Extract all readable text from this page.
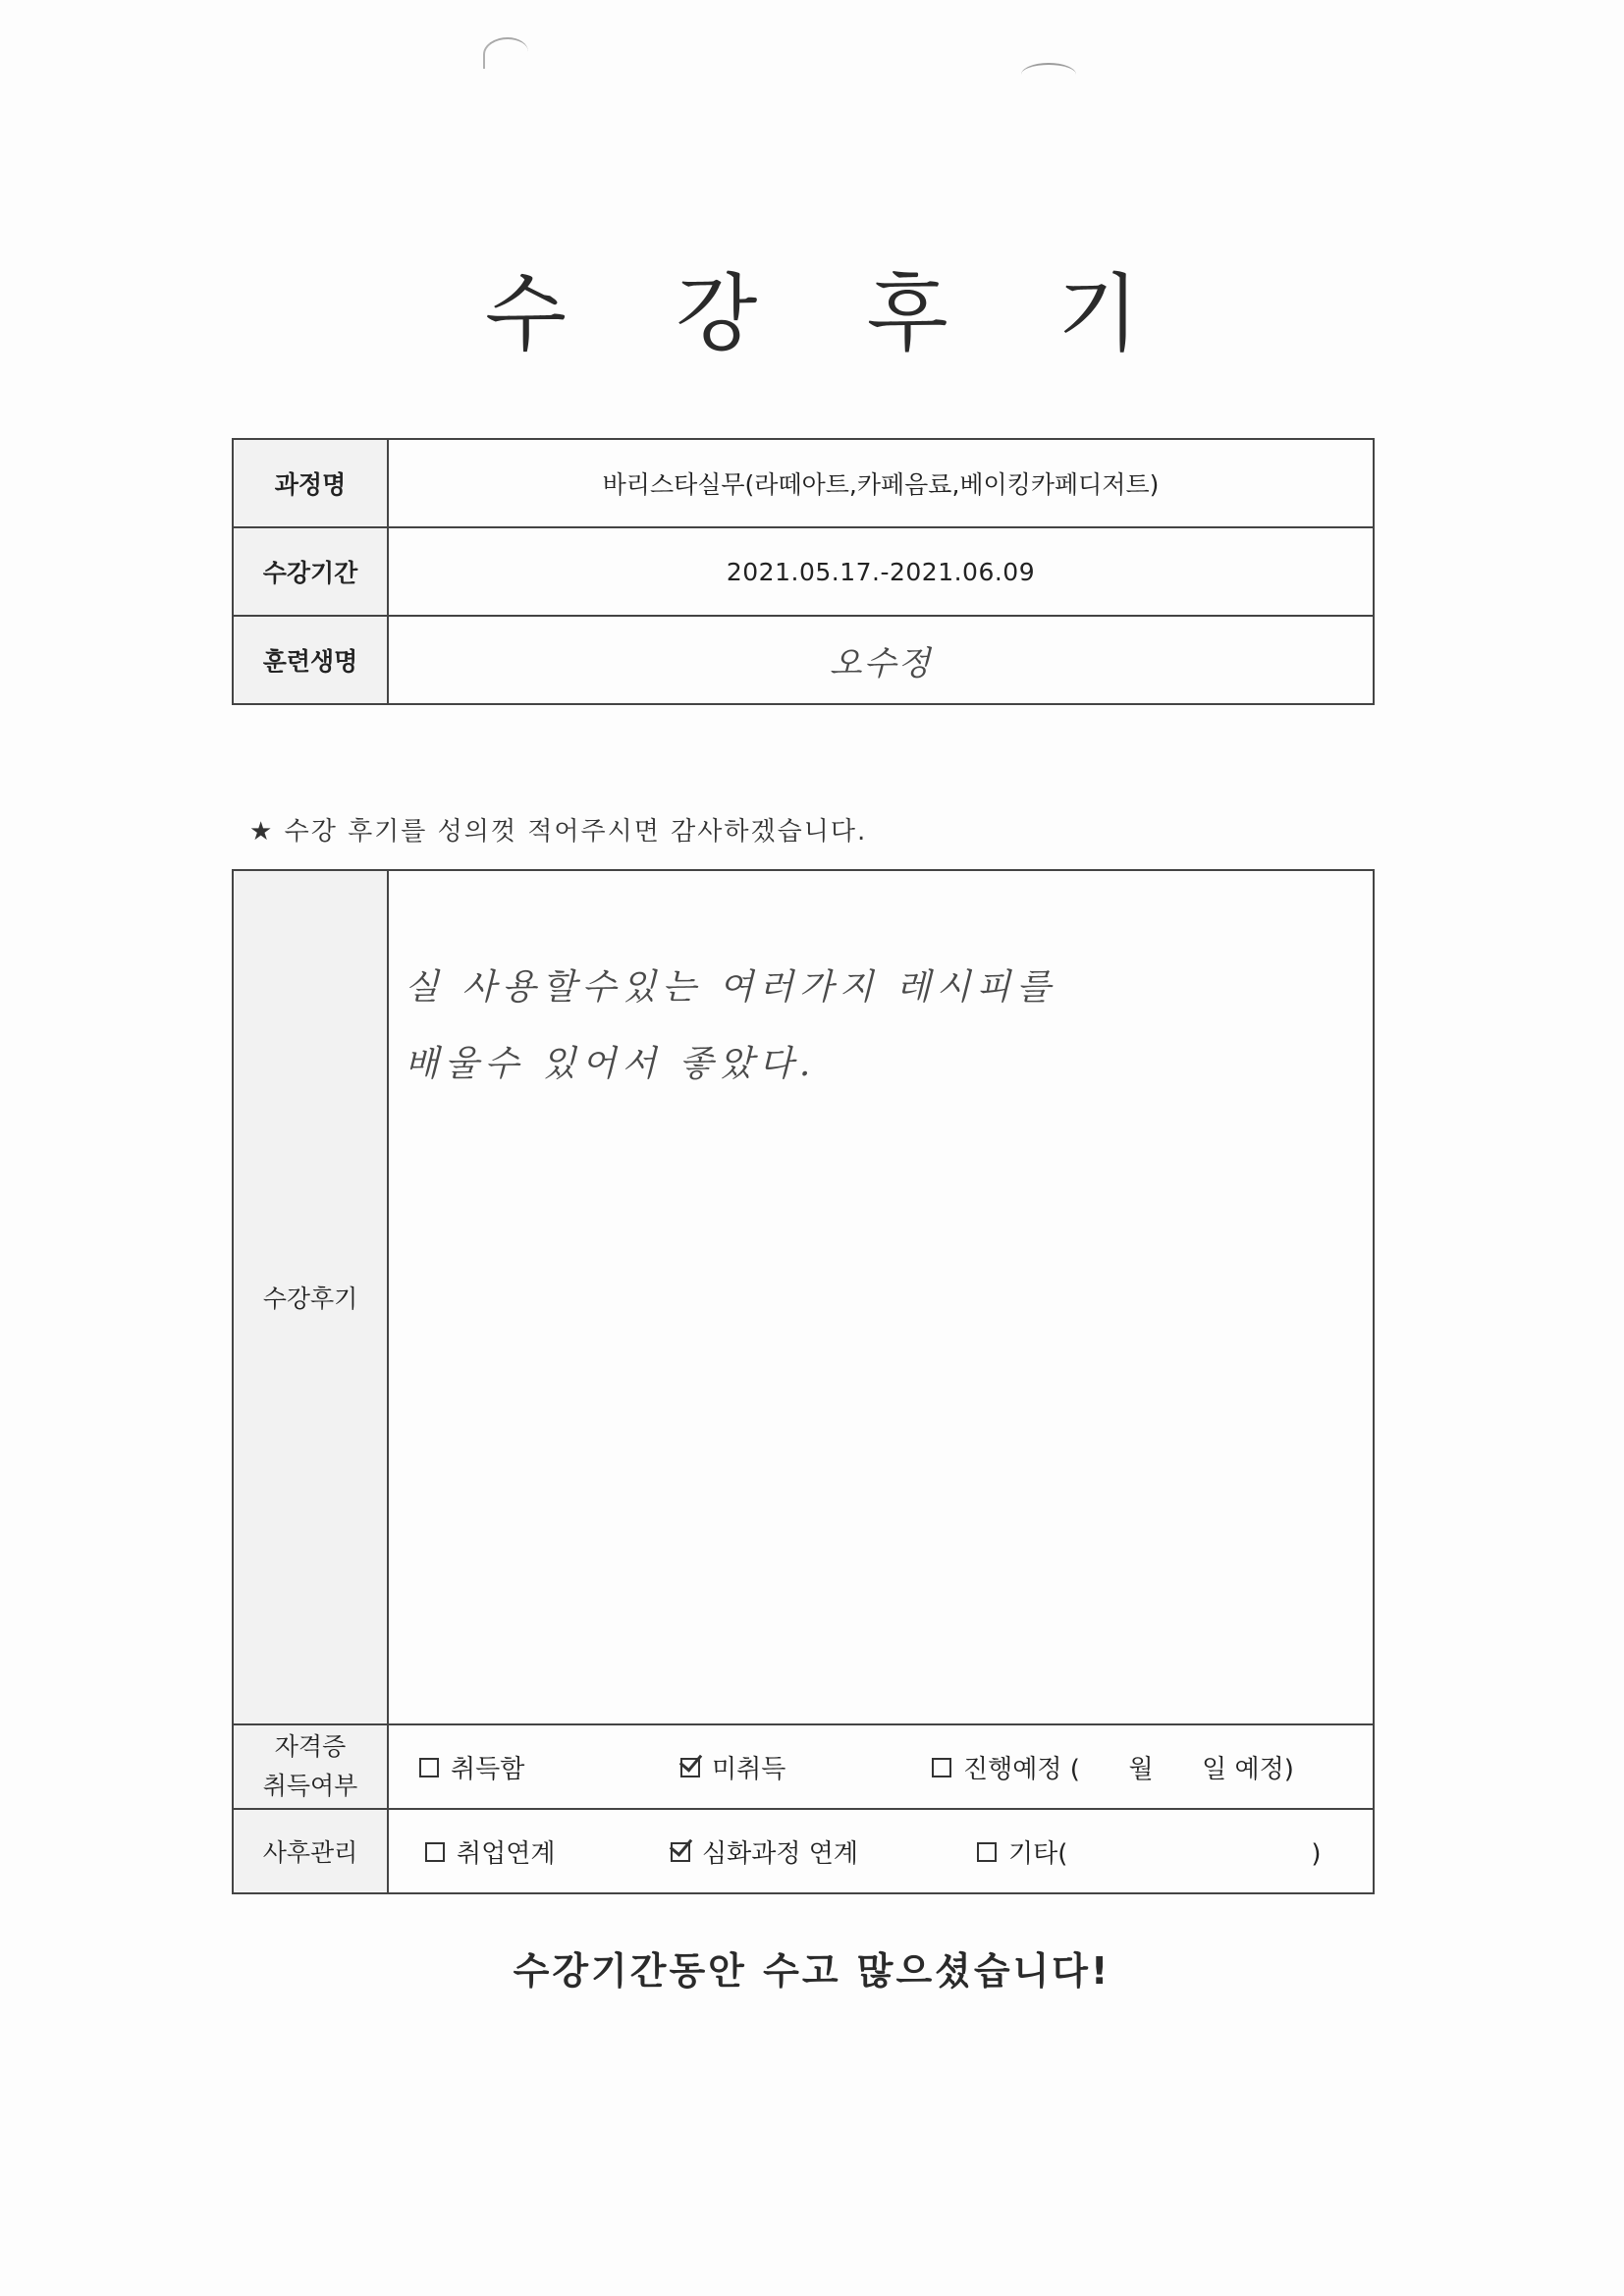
수 강 후 기
과정명	바리스타실무(라떼아트,카페음료,베이킹카페디저트)
수강기간	2021.05.17.-2021.06.09
훈련생명	오수정
★ 수강 후기를 성의껏 적어주시면 감사하겠습니다.
수강후기	실 사용할수있는 여러가지 레시피를
배울수 있어서 좋았다.

자격증
취득여부	취득함 미취득 진행예정 (      월      일 예정)

사후관리	취업연계 심화과정 연계 기타(                              )
수강기간동안 수고 많으셨습니다!
